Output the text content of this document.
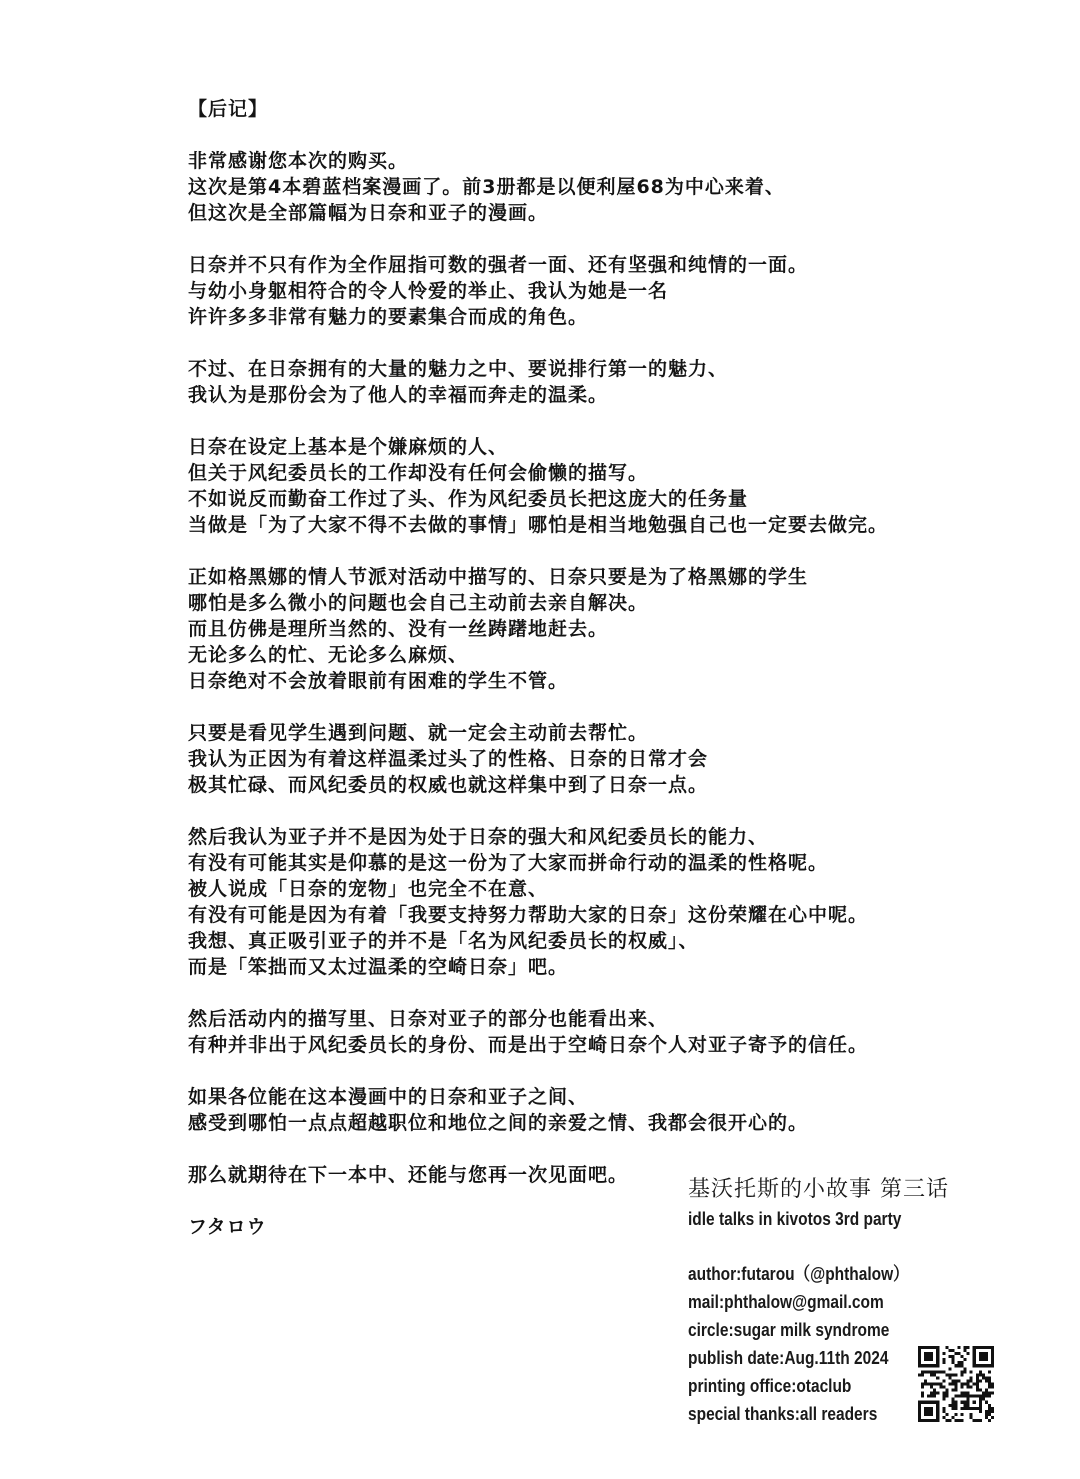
【后记】
非常感谢您本次的购买。
这次是第4本碧蓝档案漫画了。前3册都是以便利屋68为中心来着、
但这次是全部篇幅为日奈和亚子的漫画。
日奈并不只有作为全作屈指可数的强者一面、还有坚强和纯情的一面。
与幼小身躯相符合的令人怜爱的举止、我认为她是一名
许许多多非常有魅力的要素集合而成的角色。
不过、在日奈拥有的大量的魅力之中、要说排行第一的魅力、
我认为是那份会为了他人的幸福而奔走的温柔。
日奈在设定上基本是个嫌麻烦的人、
但关于风纪委员长的工作却没有任何会偷懒的描写。
不如说反而勤奋工作过了头、作为风纪委员长把这庞大的任务量
当做是「为了大家不得不去做的事情」哪怕是相当地勉强自己也一定要去做完。
正如格黑娜的情人节派对活动中描写的、日奈只要是为了格黑娜的学生
哪怕是多么微小的问题也会自己主动前去亲自解决。
而且仿佛是理所当然的、没有一丝踌躇地赶去。
无论多么的忙、无论多么麻烦、
日奈绝对不会放着眼前有困难的学生不管。
只要是看见学生遇到问题、就一定会主动前去帮忙。
我认为正因为有着这样温柔过头了的性格、日奈的日常才会
极其忙碌、而风纪委员的权威也就这样集中到了日奈一点。
然后我认为亚子并不是因为处于日奈的强大和风纪委员长的能力、
有没有可能其实是仰慕的是这一份为了大家而拼命行动的温柔的性格呢。
被人说成「日奈的宠物」也完全不在意、
有没有可能是因为有着「我要支持努力帮助大家的日奈」这份荣耀在心中呢。
我想、真正吸引亚子的并不是「名为风纪委员长的权威」、
而是「笨拙而又太过温柔的空崎日奈」吧。
然后活动内的描写里、日奈对亚子的部分也能看出来、
有种并非出于风纪委员长的身份、而是出于空崎日奈个人对亚子寄予的信任。
如果各位能在这本漫画中的日奈和亚子之间、
感受到哪怕一点点超越职位和地位之间的亲爱之情、我都会很开心的。
那么就期待在下一本中、还能与您再一次见面吧。
フタロウ
基沃托斯的小故事 第三话
idle talks in kivotos 3rd party
author:futarou（@phthalow）
mail:phthalow@gmail.com
circle:sugar milk syndrome
publish date:Aug.11th 2024
printing office:otaclub
special thanks:all readers
